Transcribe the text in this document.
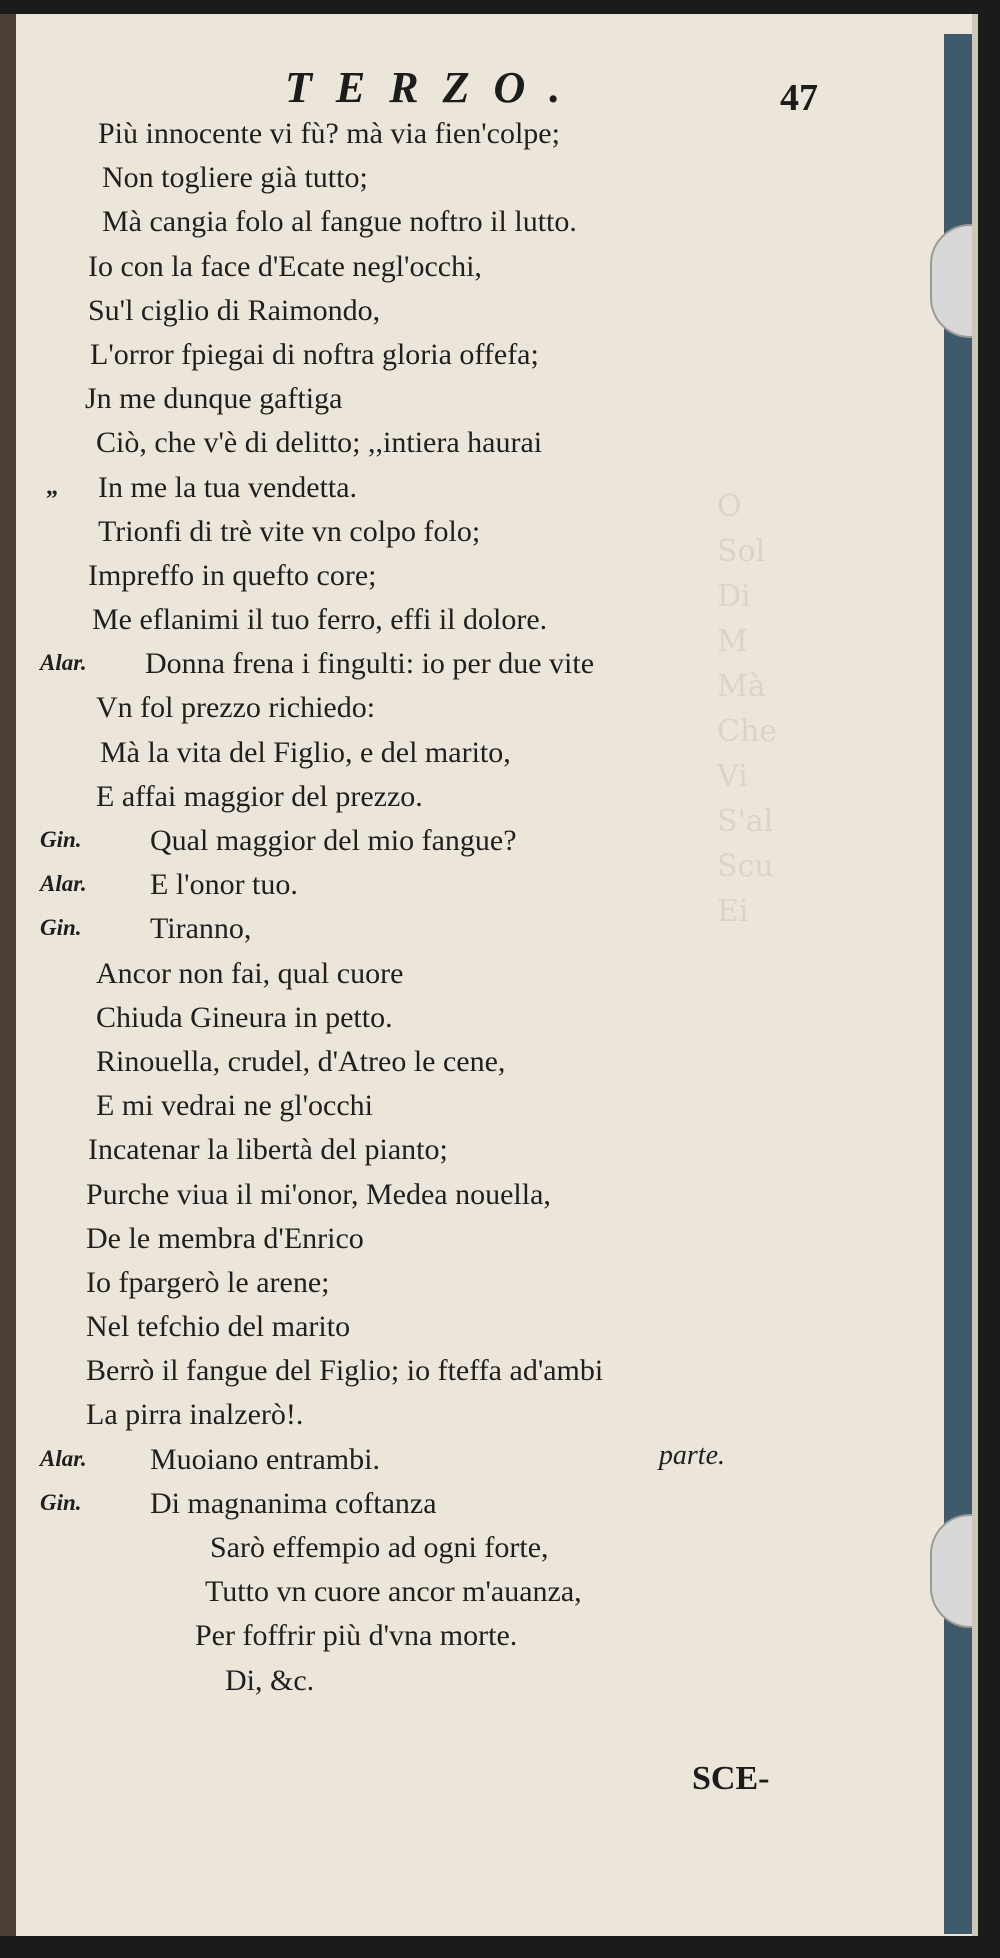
O
Sol
Di
M
Mà
Che
Vi
S'al
Scu
Ei

TERZO.	47

Più innocente vi fù? mà via fien'colpe;
Non togliere già tutto;
Mà cangia folo al fangue noftro il lutto.
Io con la face d'Ecate negl'occhi,
Su'l ciglio di Raimondo,
L'orror fpiegai di noftra gloria offefa;
Jn me dunque gaftiga
Ciò, che v'è di delitto; ,,intiera haurai
„ In me la tua vendetta.
Trionfi di trè vite vn colpo folo;
Impreffo in quefto core;
Me eflanimi il tuo ferro, effi il dolore.
Alar. Donna frena i fingulti: io per due vite
Vn fol prezzo richiedo:
Mà la vita del Figlio, e del marito,
E affai maggior del prezzo.
Gin. Qual maggior del mio fangue?
Alar. E l'onor tuo.
Gin. Tiranno,
Ancor non fai, qual cuore
Chiuda Gineura in petto.
Rinouella, crudel, d'Atreo le cene,
E mi vedrai ne gl'occhi
Incatenar la libertà del pianto;
Purche viua il mi'onor, Medea nouella,
De le membra d'Enrico
Io fpargerò le arene;
Nel tefchio del marito
Berrò il fangue del Figlio; io fteffa ad'ambi
La pirra inalzerò!.
Alar. Muoiano entrambi.	parte.
Gin. Di magnanima coftanza
Sarò effempio ad ogni forte,
Tutto vn cuore ancor m'auanza,
Per foffrir più d'vna morte.
Di, &c.

SCE-
